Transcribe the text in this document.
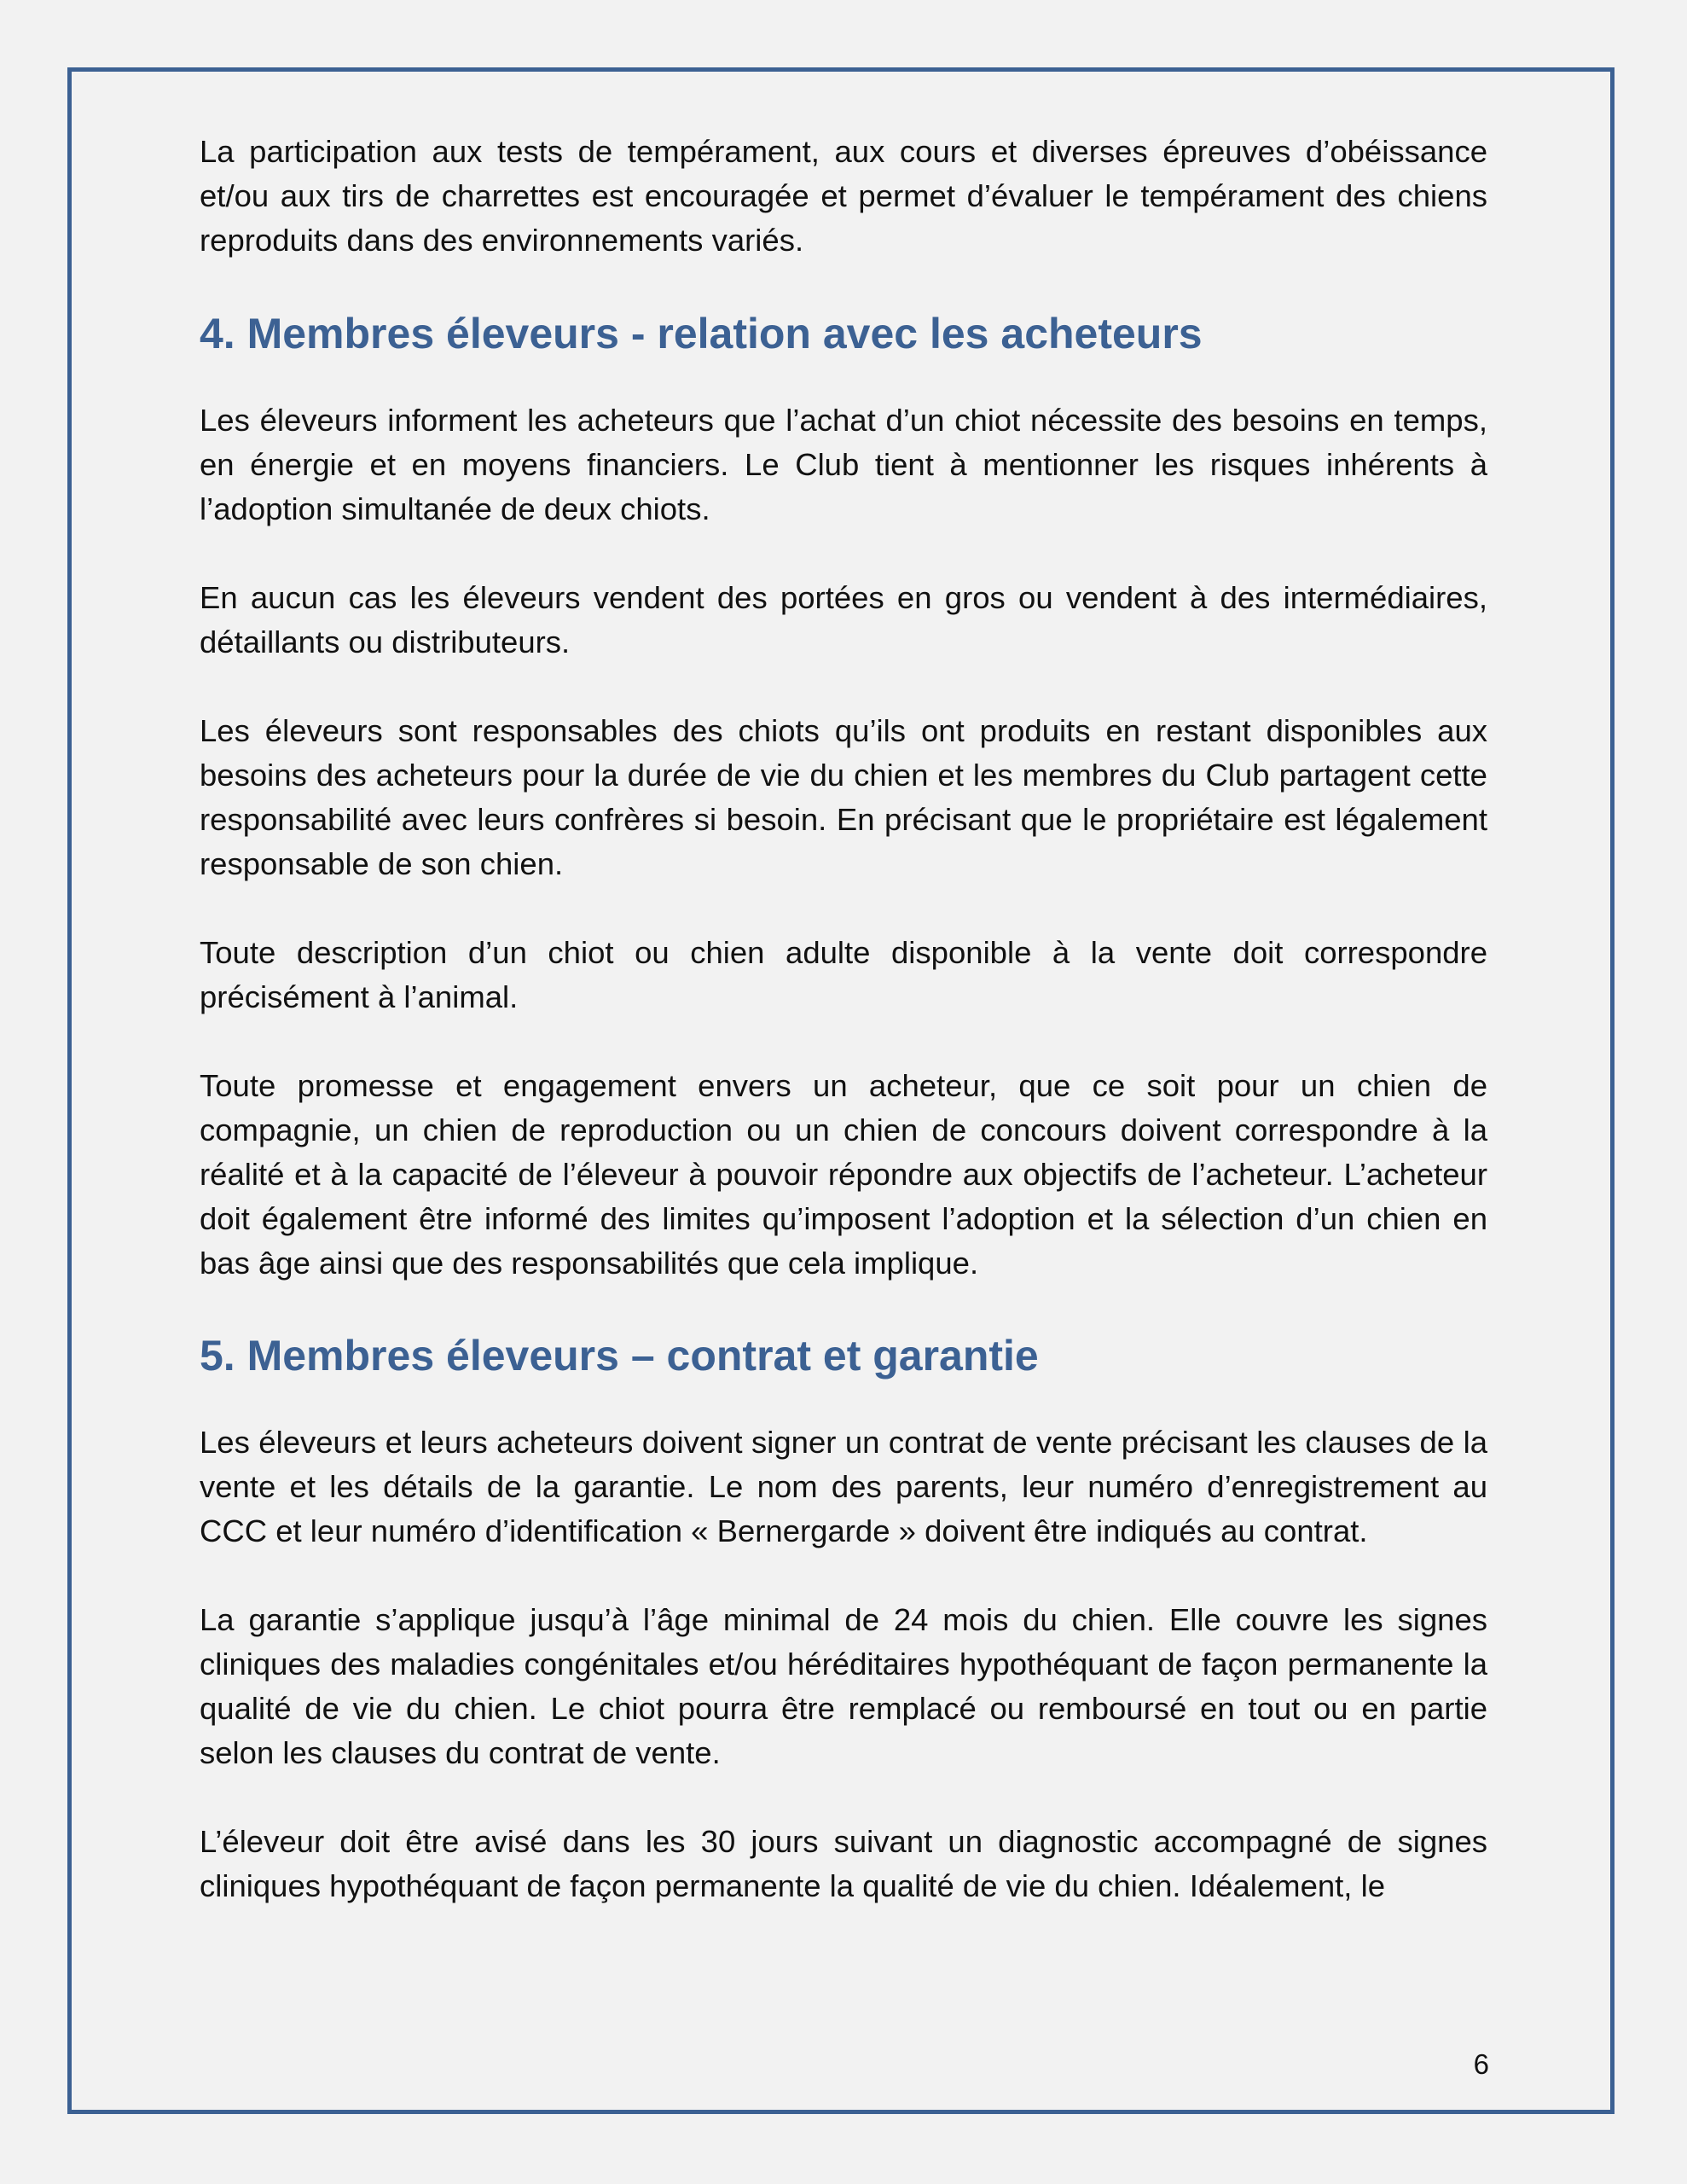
La participation aux tests de tempérament, aux cours et diverses épreuves d’obéissance et/ou aux tirs de charrettes est encouragée et permet d’évaluer le tempérament des chiens reproduits dans des environnements variés.

4. Membres éleveurs - relation avec les acheteurs

Les éleveurs informent les acheteurs que l’achat d’un chiot nécessite des besoins en temps, en énergie et en moyens financiers. Le Club tient à mentionner les risques inhérents à l’adoption simultanée de deux chiots.

En aucun cas les éleveurs vendent des portées en gros ou vendent à des intermédiaires, détaillants ou distributeurs.

Les éleveurs sont responsables des chiots qu’ils ont produits en restant disponibles aux besoins des acheteurs pour la durée de vie du chien et les membres du Club partagent cette responsabilité avec leurs confrères si besoin. En précisant que le propriétaire est légalement responsable de son chien.

Toute description d’un chiot ou chien adulte disponible à la vente doit correspondre précisément à l’animal.

Toute promesse et engagement envers un acheteur, que ce soit pour un chien de compagnie, un chien de reproduction ou un chien de concours doivent correspondre à la réalité et à la capacité de l’éleveur à pouvoir répondre aux objectifs de l’acheteur. L’acheteur doit également être informé des limites qu’imposent l’adoption et la sélection d’un chien en bas âge ainsi que des responsabilités que cela implique.

5. Membres éleveurs – contrat et garantie

Les éleveurs et leurs acheteurs doivent signer un contrat de vente précisant les clauses de la vente et les détails de la garantie. Le nom des parents, leur numéro d’enregistrement au CCC et leur numéro d’identification « Bernergarde » doivent être indiqués au contrat.

La garantie s’applique jusqu’à l’âge minimal de 24 mois du chien. Elle couvre les signes cliniques des maladies congénitales et/ou héréditaires hypothéquant de façon permanente la qualité de vie du chien. Le chiot pourra être remplacé ou remboursé en tout ou en partie selon les clauses du contrat de vente.

L’éleveur doit être avisé dans les 30 jours suivant un diagnostic accompagné de signes cliniques hypothéquant de façon permanente la qualité de vie du chien. Idéalement, le

6
